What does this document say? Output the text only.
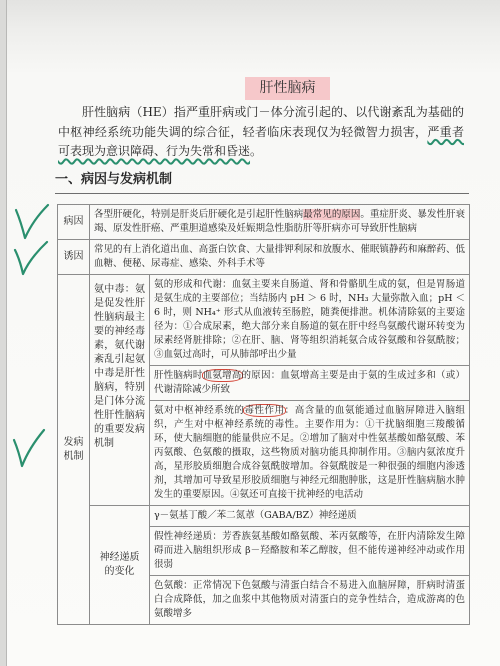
肝性脑病

肝性脑病（HE）指严重肝病或门－体分流引起的、以代谢紊乱为基础的中枢神经系统功能失调的综合征，轻者临床表现仅为轻微智力损害，严重者可表现为意识障碍、行为失常和昏迷。

一、病因与发病机制
病因	各型肝硬化，特别是肝炎后肝硬化是引起肝性脑病最常见的原因。重症肝炎、暴发性肝衰竭、原发性肝癌、严重胆道感染及妊娠期急性脂肪肝等肝病亦可导致肝性脑病	
诱因	常见的有上消化道出血、高蛋白饮食、大量排钾利尿和放腹水、催眠镇静药和麻醉药、低血糖、便秘、尿毒症、感染、外科手术等	
发病机制	氨中毒：氨是促发性肝性脑病最主要的神经毒素，氨代谢紊乱引起氨中毒是肝性脑病，特别是门体分流性肝性脑病的重要发病机制	氨的形成和代谢：血氨主要来自肠道、肾和骨骼肌生成的氨，但是胃肠道是氨生成的主要部位；当结肠内 pH ＞ 6 时，NH₃ 大量弥散入血；pH ＜ 6 时，则 NH₄⁺ 形式从血液转至肠腔，随粪便排泄。机体清除氨的主要途径为：①合成尿素，绝大部分来自肠道的氨在肝中经鸟氨酸代谢环转变为尿素经肾脏排除；②在肝、脑、肾等组织消耗氨合成谷氨酸和谷氨酰胺；③血氨过高时，可从肺部呼出少量
		肝性脑病时血氨增高的原因：血氨增高主要是由于氨的生成过多和（或）代谢清除减少所致
		氨对中枢神经系统的毒性作用：高含量的血氨能通过血脑屏障进入脑组织，产生对中枢神经系统的毒性。主要作用为：①干扰脑细胞三羧酸循环，使大脑细胞的能量供应不足。②增加了脑对中性氨基酸如酪氨酸、苯丙氨酸、色氨酸的摄取，这些物质对脑功能具抑制作用。③脑内氨浓度升高，星形胶质细胞合成谷氨酰胺增加。谷氨酰胺是一种很强的细胞内渗透剂，其增加可导致星形胶质细胞与神经元细胞肿胀，这是肝性脑病脑水肿发生的重要原因。④氨还可直接干扰神经的电活动
	神经递质的变化	γ－氨基丁酸／苯二氮䓬（GABA/BZ）神经递质
		假性神经递质：芳香族氨基酸如酪氨酸、苯丙氨酸等，在肝内清除发生障碍而进入脑组织形成 β－羟酪胺和苯乙醇胺，但不能传递神经冲动或作用很弱
		色氨酸：正常情况下色氨酸与清蛋白结合不易进入血脑屏障，肝病时清蛋白合成降低，加之血浆中其他物质对清蛋白的竞争性结合，造成游离的色氨酸增多
